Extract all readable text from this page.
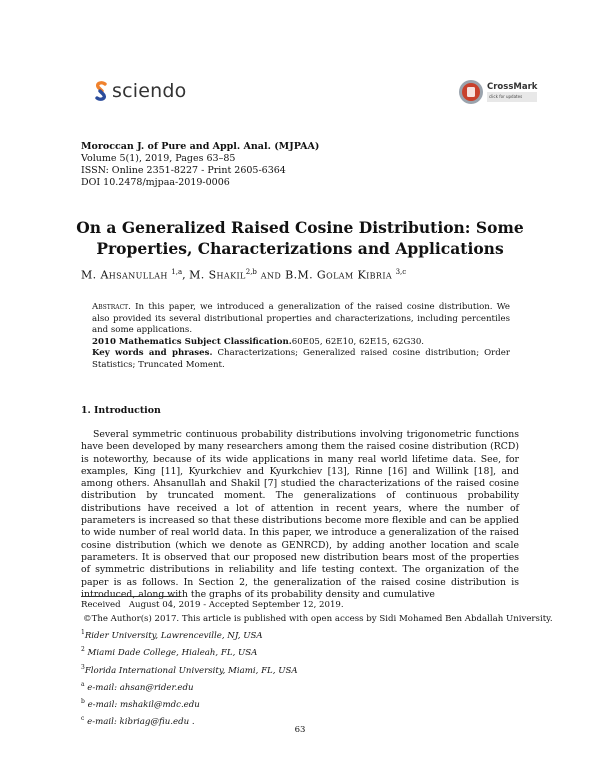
sciendo	CrossMark
click for updates
Moroccan J. of Pure and Appl. Anal. (MJPAA)
Volume 5(1), 2019, Pages 63–85
ISSN: Online 2351-8227 - Print 2605-6364
DOI 10.2478/mjpaa-2019-0006
On a Generalized Raised Cosine Distribution: Some
Properties, Characterizations and Applications
M. Ahsanullah $^{1,a}$, M. Shakil$^{2,b}$ and B.M. Golam Kibria $^{3,c}$
Abstract. In this paper, we introduced a generalization of the raised cosine distribution. We also provided its several distributional properties and characterizations, including percentiles and some applications.
2010 Mathematics Subject Classification.60E05, 62E10, 62E15, 62G30.
Key words and phrases. Characterizations; Generalized raised cosine distribution; Order Statistics; Truncated Moment.
1. Introduction
Several symmetric continuous probability distributions involving trigonometric functions have been developed by many researchers among them the raised cosine distribution (RCD) is noteworthy, because of its wide applications in many real world lifetime data. See, for examples, King [11], Kyurkchiev and Kyurkchiev [13], Rinne [16] and Willink [18], and among others. Ahsanullah and Shakil [7] studied the characterizations of the raised cosine distribution by truncated moment. The generalizations of continuous probability distributions have received a lot of attention in recent years, where the number of parameters is increased so that these distributions become more flexible and can be applied to wide number of real world data. In this paper, we introduce a generalization of the raised cosine distribution (which we denote as GENRCD), by adding another location and scale parameters. It is observed that our proposed new distribution bears most of the properties of symmetric distributions in reliability and life testing context. The organization of the paper is as follows. In Section 2, the generalization of the raised cosine distribution is introduced, along with the graphs of its probability density and cumulative
Received   August 04, 2019 - Accepted September 12, 2019.
©The Author(s) 2017. This article is published with open access by Sidi Mohamed Ben Abdallah University.
$^1$Rider University, Lawrenceville, NJ, USA
$^2$ Miami Dade College, Hialeah, FL, USA
$^3$Florida International University, Miami, FL, USA
$^a$ e-mail: ahsan@rider.edu
$^b$ e-mail: mshakil@mdc.edu
$^c$ e-mail: kibriag@fiu.edu .
63
